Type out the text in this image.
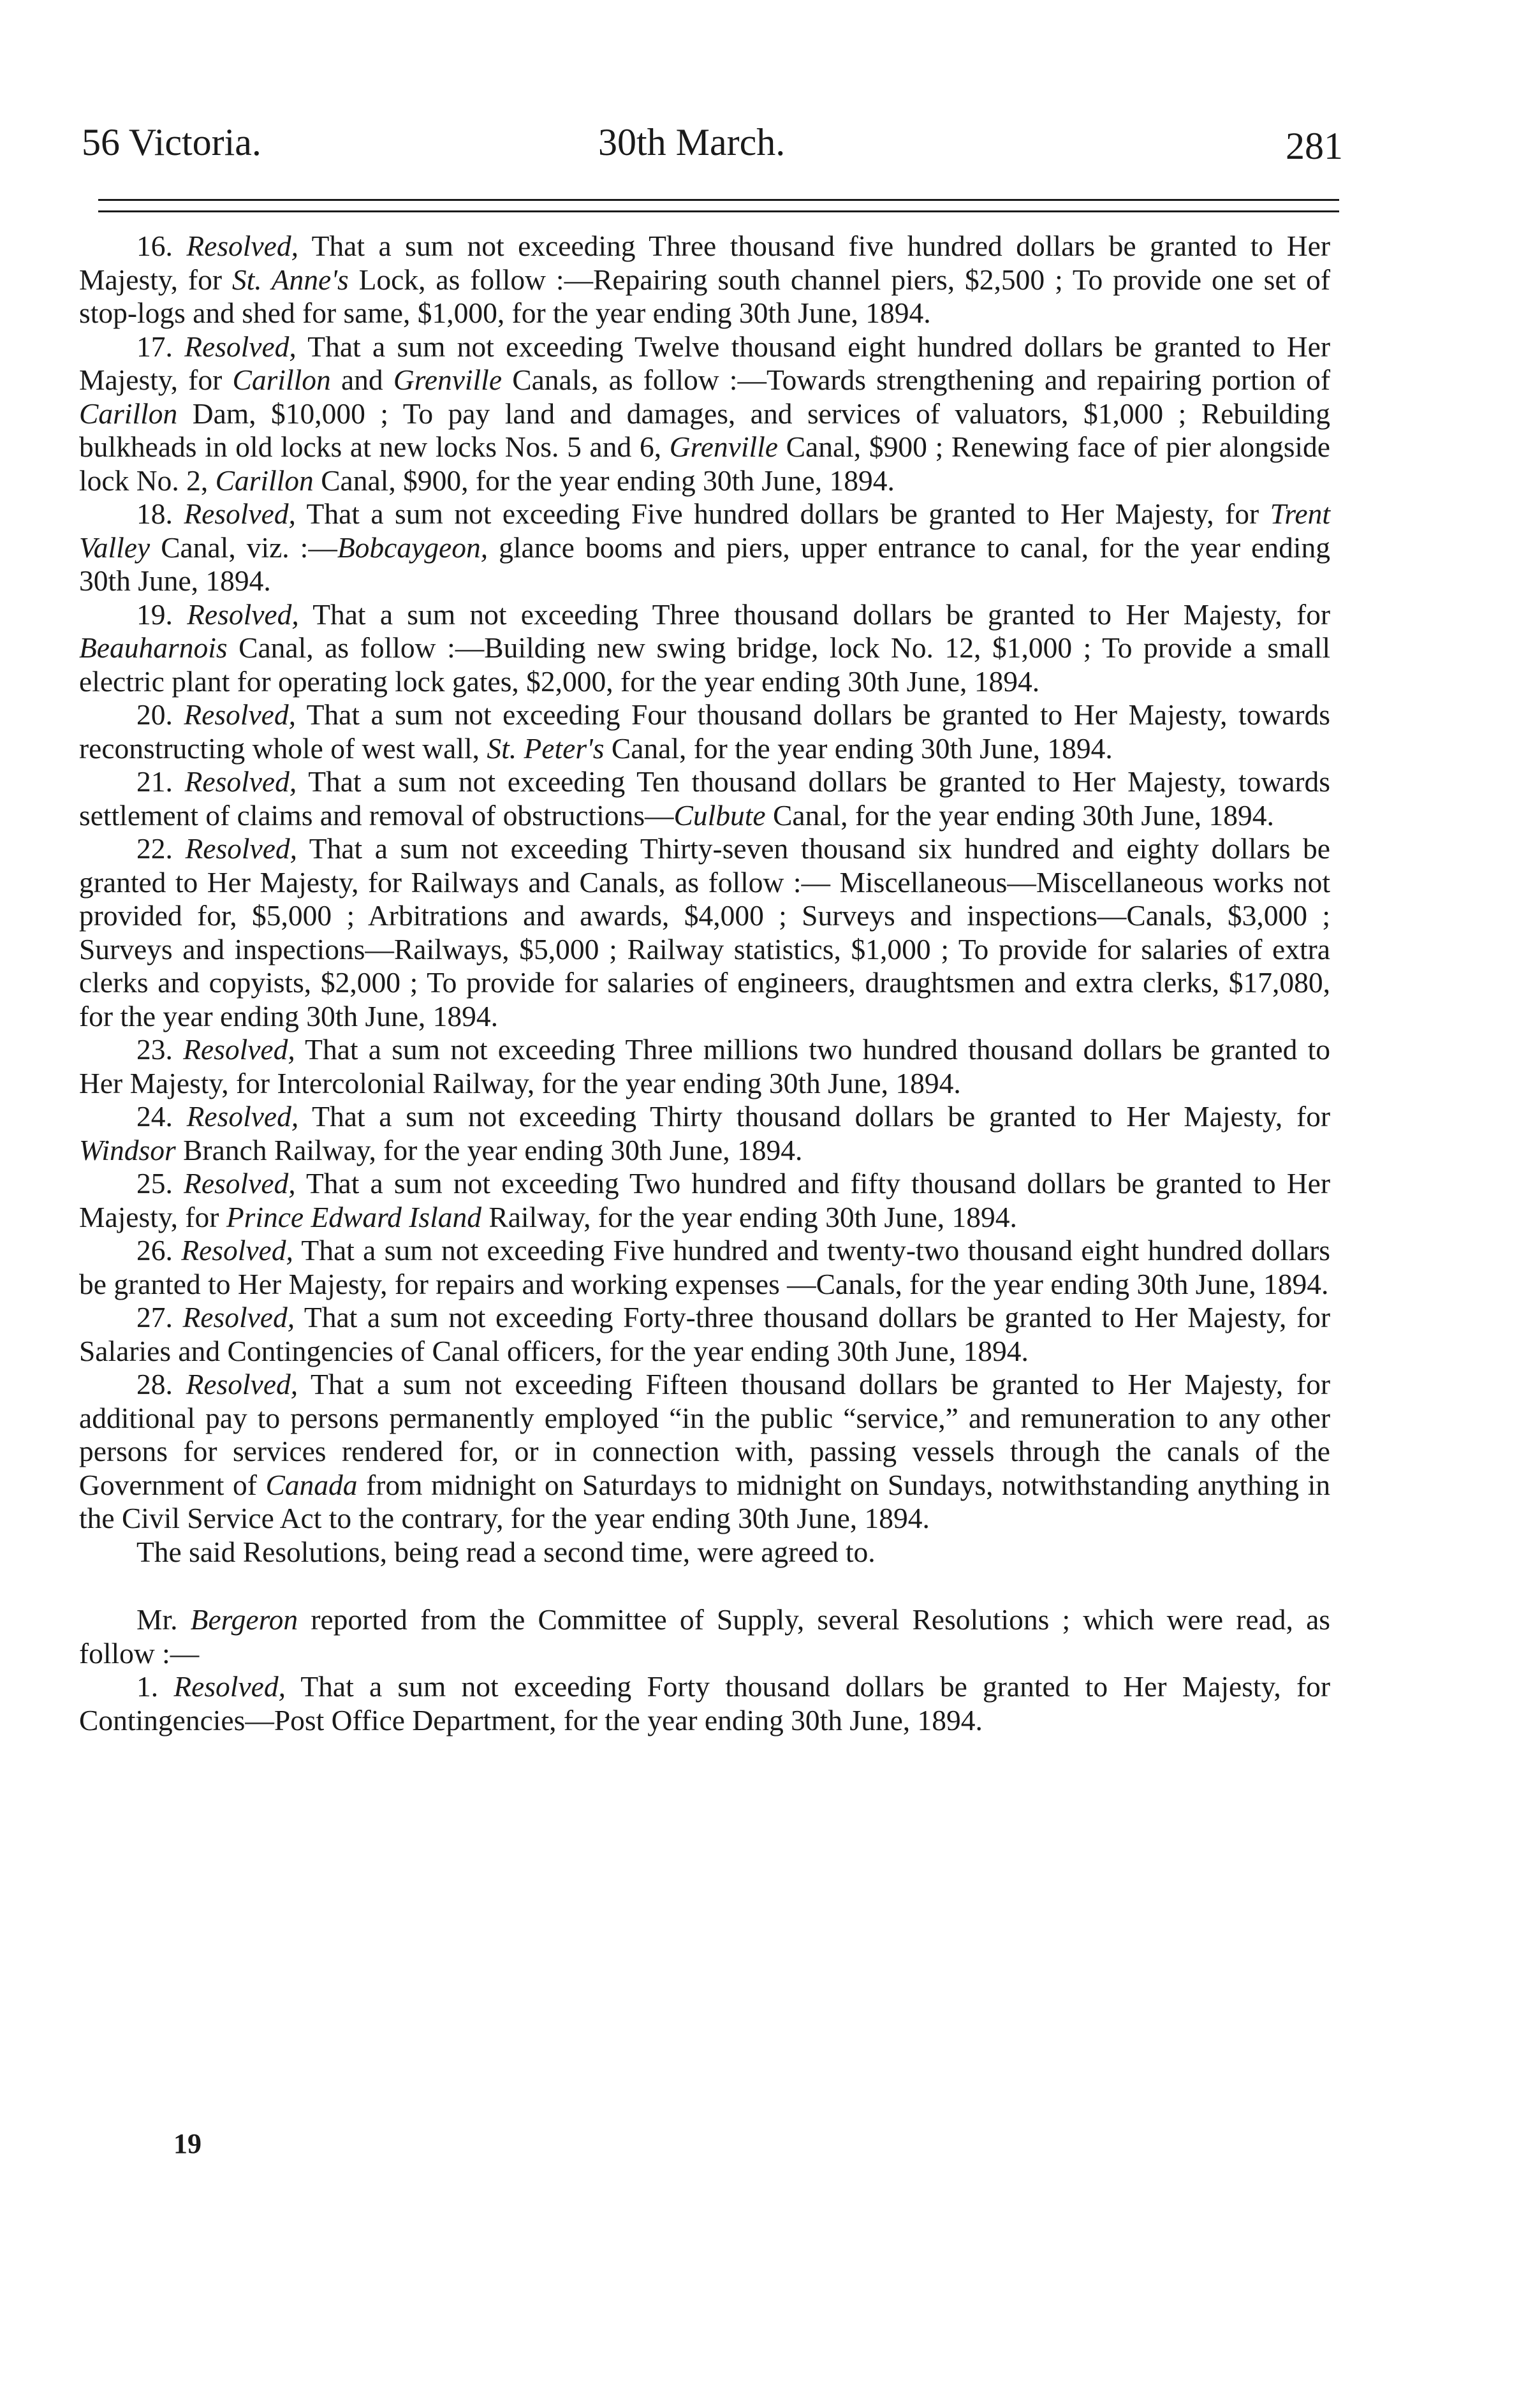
56 Victoria.	30th March.	281

16. Resolved, That a sum not exceeding Three thousand five hundred dollars be granted to Her Majesty, for St. Anne's Lock, as follow :—Repairing south channel piers, $2,500 ; To provide one set of stop-logs and shed for same, $1,000, for the year ending 30th June, 1894.

17. Resolved, That a sum not exceeding Twelve thousand eight hundred dollars be granted to Her Majesty, for Carillon and Grenville Canals, as follow :—Towards strengthening and repairing portion of Carillon Dam, $10,000 ; To pay land and damages, and services of valuators, $1,000 ; Rebuilding bulkheads in old locks at new locks Nos. 5 and 6, Grenville Canal, $900 ; Renewing face of pier alongside lock No. 2, Carillon Canal, $900, for the year ending 30th June, 1894.

18. Resolved, That a sum not exceeding Five hundred dollars be granted to Her Majesty, for Trent Valley Canal, viz. :—Bobcaygeon, glance booms and piers, upper entrance to canal, for the year ending 30th June, 1894.

19. Resolved, That a sum not exceeding Three thousand dollars be granted to Her Majesty, for Beauharnois Canal, as follow :—Building new swing bridge, lock No. 12, $1,000 ; To provide a small electric plant for operating lock gates, $2,000, for the year ending 30th June, 1894.

20. Resolved, That a sum not exceeding Four thousand dollars be granted to Her Majesty, towards reconstructing whole of west wall, St. Peter's Canal, for the year ending 30th June, 1894.

21. Resolved, That a sum not exceeding Ten thousand dollars be granted to Her Majesty, towards settlement of claims and removal of obstructions—Culbute Canal, for the year ending 30th June, 1894.

22. Resolved, That a sum not exceeding Thirty-seven thousand six hundred and eighty dollars be granted to Her Majesty, for Railways and Canals, as follow :— Miscellaneous—Miscellaneous works not provided for, $5,000 ; Arbitrations and awards, $4,000 ; Surveys and inspections—Canals, $3,000 ; Surveys and inspections—Railways, $5,000 ; Railway statistics, $1,000 ; To provide for salaries of extra clerks and copyists, $2,000 ; To provide for salaries of engineers, draughtsmen and extra clerks, $17,080, for the year ending 30th June, 1894.

23. Resolved, That a sum not exceeding Three millions two hundred thousand dollars be granted to Her Majesty, for Intercolonial Railway, for the year ending 30th June, 1894.

24. Resolved, That a sum not exceeding Thirty thousand dollars be granted to Her Majesty, for Windsor Branch Railway, for the year ending 30th June, 1894.

25. Resolved, That a sum not exceeding Two hundred and fifty thousand dollars be granted to Her Majesty, for Prince Edward Island Railway, for the year ending 30th June, 1894.

26. Resolved, That a sum not exceeding Five hundred and twenty-two thousand eight hundred dollars be granted to Her Majesty, for repairs and working expenses —Canals, for the year ending 30th June, 1894.

27. Resolved, That a sum not exceeding Forty-three thousand dollars be granted to Her Majesty, for Salaries and Contingencies of Canal officers, for the year ending 30th June, 1894.

28. Resolved, That a sum not exceeding Fifteen thousand dollars be granted to Her Majesty, for additional pay to persons permanently employed “in the public “service,” and remuneration to any other persons for services rendered for, or in connection with, passing vessels through the canals of the Government of Canada from midnight on Saturdays to midnight on Sundays, notwithstanding anything in the Civil Service Act to the contrary, for the year ending 30th June, 1894.

The said Resolutions, being read a second time, were agreed to.

Mr. Bergeron reported from the Committee of Supply, several Resolutions ; which were read, as follow :—

1. Resolved, That a sum not exceeding Forty thousand dollars be granted to Her Majesty, for Contingencies—Post Office Department, for the year ending 30th June, 1894.

19
